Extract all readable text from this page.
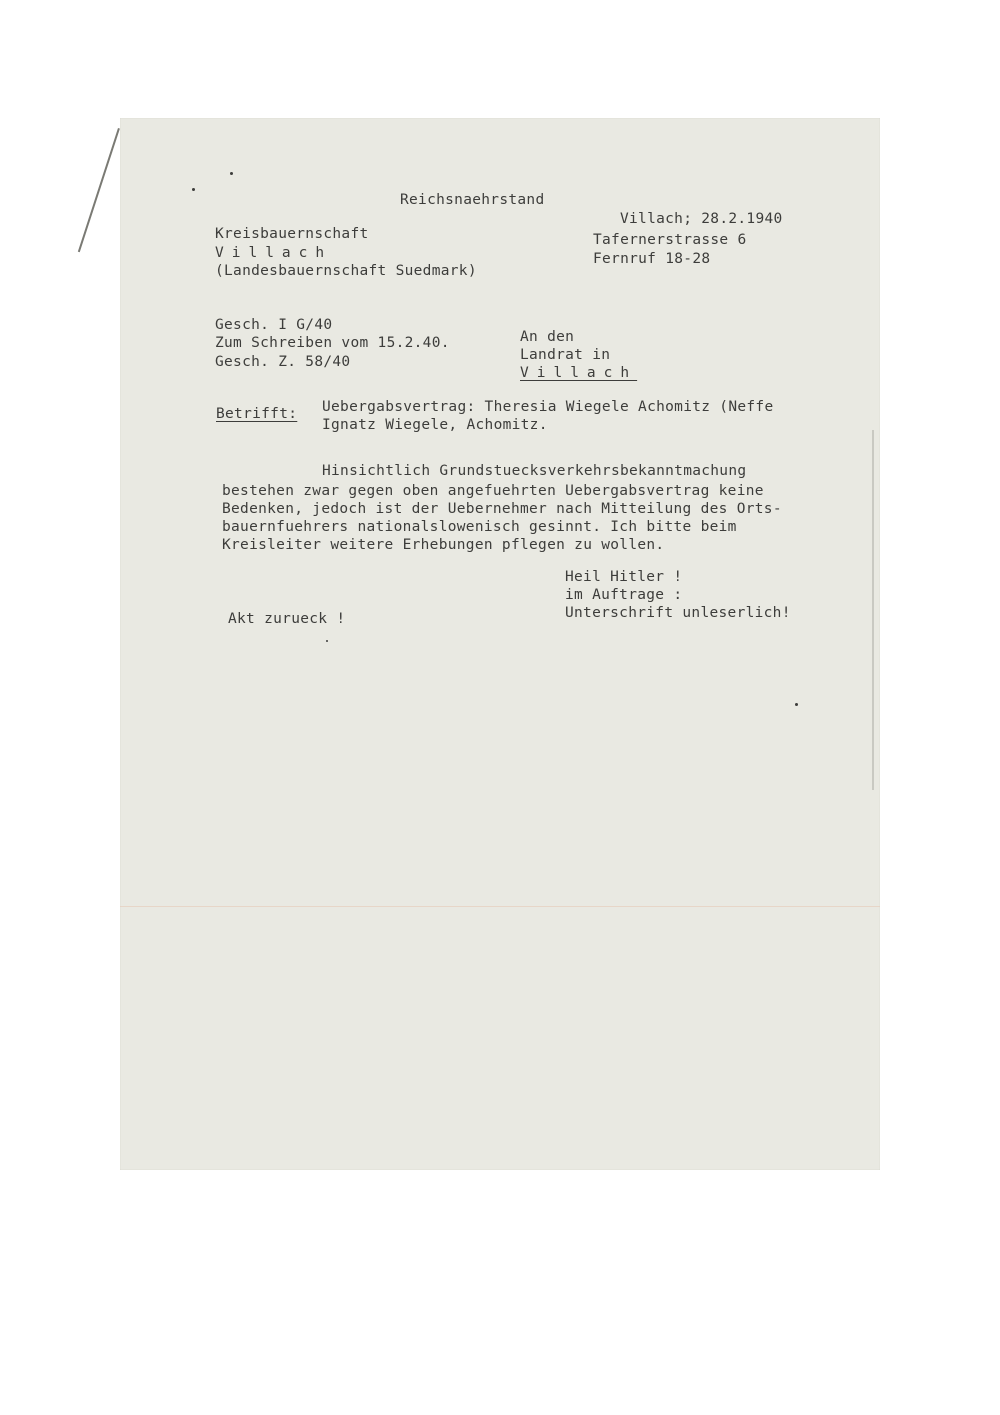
Reichsnaehrstand
Kreisbauernschaft
Villach
(Landesbauernschaft Suedmark)
Villach; 28.2.1940
Tafernerstrasse 6
Fernruf 18-28
Gesch. I G/40
Zum Schreiben vom 15.2.40.
Gesch. Z. 58/40
An den
Landrat in
Villach
Betrifft: Uebergabsvertrag: Theresia Wiegele Achomitz (Neffe
Ignatz Wiegele, Achomitz.
Hinsichtlich Grundstuecksverkehrsbekanntmachung
bestehen zwar gegen oben angefuehrten Uebergabsvertrag keine
Bedenken, jedoch ist der Uebernehmer nach Mitteilung des Orts-
bauernfuehrers nationalslowenisch gesinnt. Ich bitte beim
Kreisleiter weitere Erhebungen pflegen zu wollen.
Heil Hitler !
im Auftrage :
Unterschrift unleserlich!
Akt zurueck !
